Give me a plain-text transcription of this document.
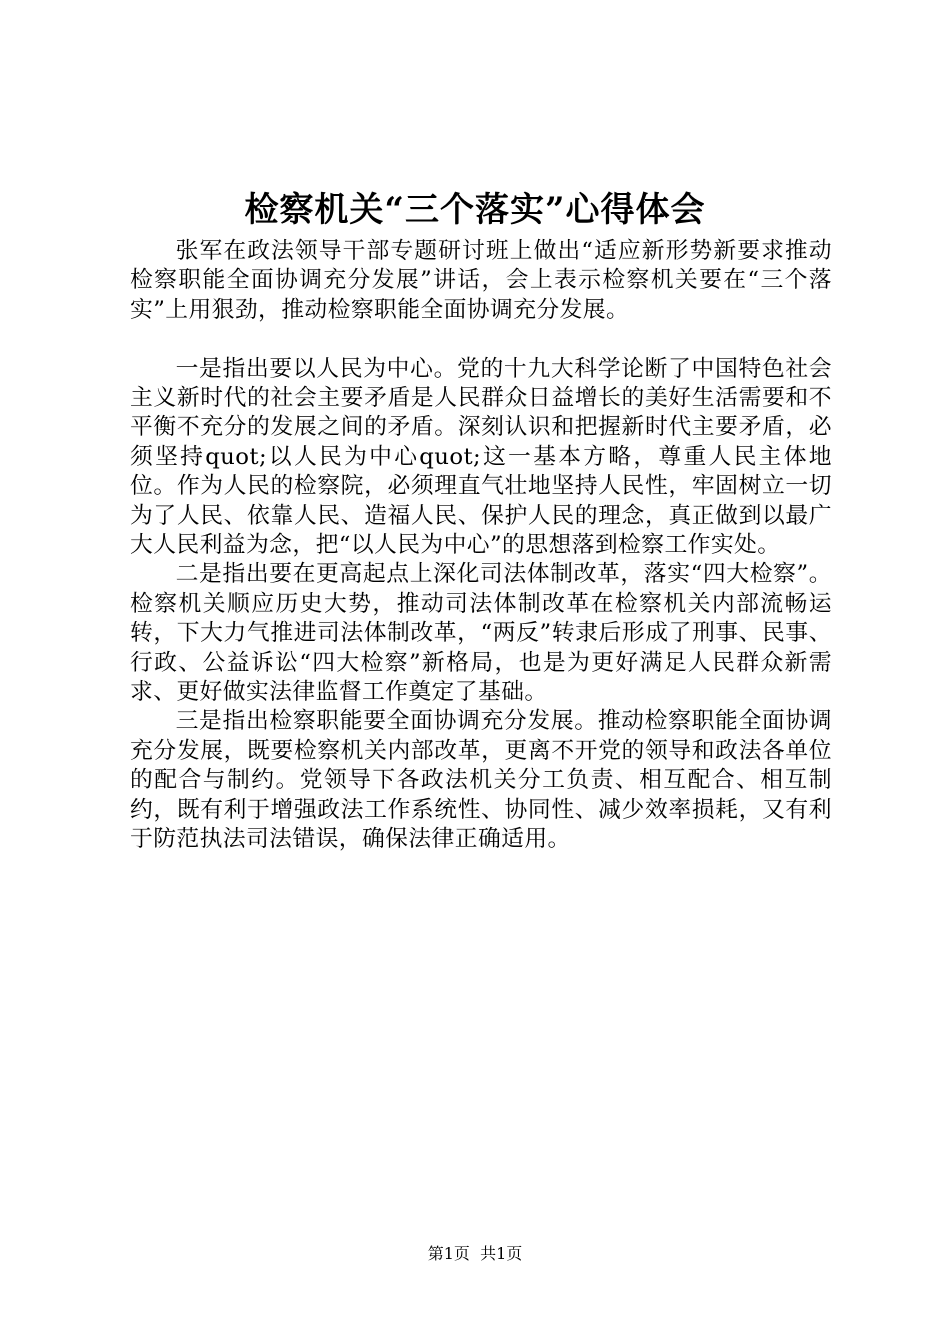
检察机关“三个落实”心得体会

张军在政法领导干部专题研讨班上做出“适应新形势新要求推动检察职能全面协调充分发展”讲话，会上表示检察机关要在“三个落实”上用狠劲，推动检察职能全面协调充分发展。

一是指出要以人民为中心。党的十九大科学论断了中国特色社会主义新时代的社会主要矛盾是人民群众日益增长的美好生活需要和不平衡不充分的发展之间的矛盾。深刻认识和把握新时代主要矛盾，必须坚持quot;以人民为中心quot;这一基本方略，尊重人民主体地位。作为人民的检察院，必须理直气壮地坚持人民性，牢固树立一切为了人民、依靠人民、造福人民、保护人民的理念，真正做到以最广大人民利益为念，把“以人民为中心”的思想落到检察工作实处。

二是指出要在更高起点上深化司法体制改革，落实“四大检察”。检察机关顺应历史大势，推动司法体制改革在检察机关内部流畅运转，下大力气推进司法体制改革，“两反”转隶后形成了刑事、民事、行政、公益诉讼“四大检察”新格局，也是为更好满足人民群众新需求、更好做实法律监督工作奠定了基础。

三是指出检察职能要全面协调充分发展。推动检察职能全面协调充分发展，既要检察机关内部改革，更离不开党的领导和政法各单位的配合与制约。党领导下各政法机关分工负责、相互配合、相互制约，既有利于增强政法工作系统性、协同性、减少效率损耗，又有利于防范执法司法错误，确保法律正确适用。

第1页 共1页
